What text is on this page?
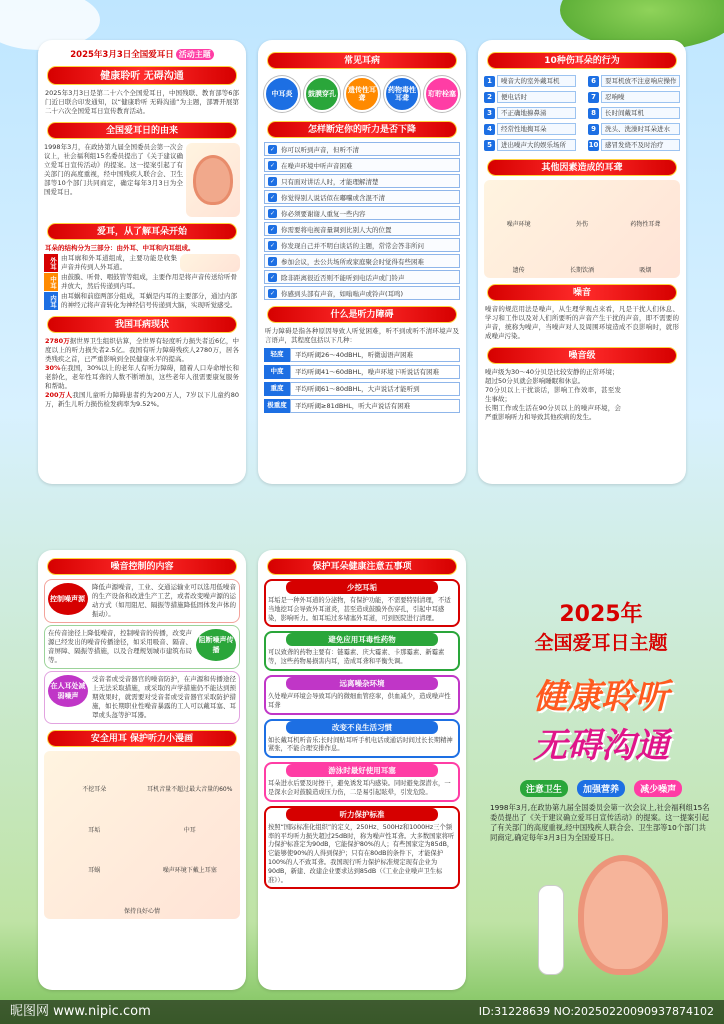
2025年3月3日全国爱耳日 活动主题
健康聆听 无碍沟通

2025年3月3日是第二十六个全国爱耳日，中国残联、教育部等6部门近日联合印发通知，以“健康聆听 无碍沟通”为主题，部署开展第二十六次全国爱耳日宣传教育活动。

全国爱耳日的由来

1998年3月，在政协第九届全国委员会第一次会议上，社会福利组15名委员提出了《关于建议确立爱耳日宣传活动》的提案。这一提案引起了有关部门的高度重视，经中国残疾人联合会、卫生部等10个部门共同商定，确定每年3月3日为全国爱耳日。

爱耳，从了解耳朵开始

耳朵的结构分为三部分：由外耳、中耳和内耳组成。

外耳 由耳廓和外耳道组成，主要功能是收集声音并传到人外耳道。

中耳 由鼓膜、听骨、咽鼓管等组成，主要作用是将声音传送给听骨并放大，然后传递到内耳。

内耳 由耳蜗和前庭两部分组成，耳蜗是内耳的主要部分，通过内部的神经元将声音转化为神经信号传递到大脑，实现听觉感受。

我国耳病现状

2780万据世界卫生组织估算，全世界有轻度听力损失者近6亿，中度以上的听力损失者2.5亿。我国有听力障碍残疾人2780万，居各类残疾之首，已严重影响到全民健康水平的提高。

30%在我国，30%以上的老年人有听力障碍，随着人口寿命增长和老龄化，老年性耳聋的人数不断增加，这些老年人很需要康复服务和帮助。

200万人我国儿童听力障碍患者约为200万人，7岁以下儿童约80万，新生儿听力损伤检发病率为9.52%。

常见耳病
中耳炎	鼓膜穿孔	遗传性耳聋
药物毒性耳聋	耵聍栓塞
怎样断定你的听力是否下降
✓ 你可以听到声音，但听不清
✓ 在噪声环境中听声音困难
✓ 只有面对讲话人时，才能理解清楚
✓ 你觉得别人说话似在嘟囔或含混不清
✓ 你必须要谢谢人重复一些内容
✓ 你需要将电视音量调到比别人大的位置
✓ 你发现自己并不明白谈话的主题，常常会答非所问
✓ 参加会议，去公共场所或家庭聚会时觉得有些困难
✓ 除非距离很近否则不能听到电话声或门铃声
✓ 你感到头部有声音，如嗡嗡声或铃声(耳鸣)
什么是听力障碍

听力障碍是指各种原因导致人听觉困难，听不到或听不清环境声及言语声，其程度包括以下几种：

轻度	平均听阈26～40dBHL，听微弱语声困难
中度	平均听阈41～60dBHL，噪声环境下听说话有困难
重度	平均听阈61～80dBHL，大声说话才能听到
极重度	平均听阈≥81dBHL，听大声说话有困难
10种伤耳朵的行为
1	噪音大的室外戴耳机	6	耍耳机放不注意响应操作
2	便电话时	7	忍响噪
3	不正确地擤鼻涕	8	长时间戴耳机
4	经常性地掏耳朵	9	洗头、洗澡时耳朵进水
5	进出噪声大的娱乐场所	10	感冒发烧不及时治疗
其他因素造成的耳聋
噪声环境	外伤	药物性耳聋
遗传	长期饮酒	吸烟
噪音

噪音的规范用法是噪声，从生理学观点来看，凡是干扰人们休息、学习和工作以及对人们所要听的声音产生干扰的声音，即不需要的声音，统称为噪声，当噪声对人及周围环境造成不良影响时，就形成噪声污染。

噪音级

噪声级为30～40分贝是比较安静的正常环境；
超过50分贝就会影响睡眠和休息。
70分贝以上干扰谈话，影响工作效率，甚至发生事故；
长期工作或生活在90分贝以上的噪声环境，会严重影响听力和导致其他疾病的发生。

噪音控制的内容
控制噪声源

降低声源噪音，工业、交通运输业可以选用低噪音的生产设备和改进生产工艺，或者改变噪声源的运动方式（如用阻尼、隔振等措施降低固体发声体的振动）。

在传音途径上降低噪音，控制噪音的传播，改变声源已经发出的噪音传播途径，如采用吸音、隔音、音屏障、隔振等措施，以及合理规划城市建筑布局等。

阻断噪声传播
在人耳处减弱噪声

受音者或受音器官的噪音防护，在声源和传播途径上无法采取措施，或采取的声学措施仍不能达到预期效果时，就需要对受音者或受音器官采取防护措施，如长期职业性噪音暴露的工人可以戴耳塞、耳罩或头盔等护耳器。

安全用耳 保护听力小漫画
不挖耳朵	耳机音量不超过最大音量的60%
耳垢	中耳
耳蜗	噪声环境下戴上耳塞
保持良好心情
保护耳朵健康注意五事项
少挖耳垢

耳垢是一种外耳道的分泌物，有保护功能，不需要特别清理，不适当地挖耳会导致外耳道炎，甚至造成鼓膜外伤穿孔，引起中耳感染，影响听力。如耳垢过多堵塞外耳道，可到医院进行清理。

避免应用耳毒性药物

可以致聋的药物主要有：链霉素、庆大霉素、卡那霉素、新霉素等，这些药物易损害内耳，造成耳聋和平衡失调。

远离噪杂环境

久处噪声环境会导致耳内的微细血管痉挛，供血减少，造成噪声性耳聋

改变不良生活习惯

如长戴耳机听音乐;长时间贴耳听手机电话或通话时间过长长期精神紧张，不能合理安排作息。

游泳时最好使用耳塞

耳朵进水后要及时擦干，避免诱发耳内感染。同时避免深潜水，一是深水会对鼓膜造成压力伤，二是易引起眩晕，引发危险。

听力保护标准

按照“国际标准化组织”的定义，250Hz、500Hz和1000Hz三个频率的平均听力损失超过25dB时，称为噪声性耳聋。大多数国家将听力保护标准定为90dB，它能保护80%的人；有些国家定为85dB，它能够使90%的人得到保护；只有在80dB的条件下，才能保护100%的人不致耳聋。我国现行听力保护标准规定现有企业为90dB，新建、改建企业要求达到85dB（《工业企业噪声卫生标准》）。

2025年
全国爱耳日主题
健康聆听
无碍沟通
注意卫生 加强营养 减少噪声

1998年3月,在政协第九届全国委员会第一次会议上,社会福利组15名委员提出了《关于建议确立爱耳日宣传活动》的提案。这一提案引起了有关部门的高度重视,经中国残疾人联合会、卫生部等10个部门共同商定,确定每年3月3日为全国爱耳日。

昵图网 www.nipic.com	ID:31228639 NO:20250220090937874102
